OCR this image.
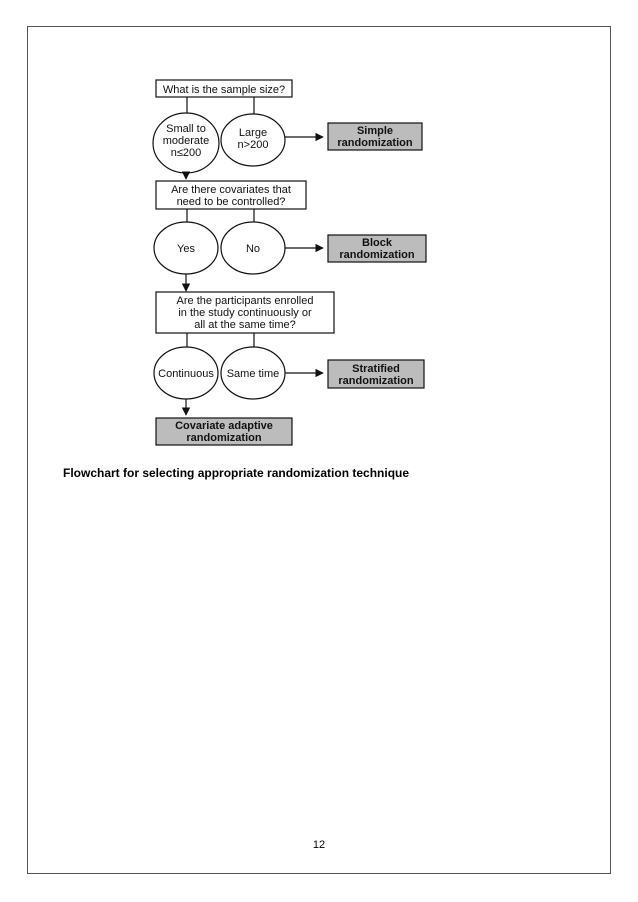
What is the sample size?
Small to
moderate
n≤200
Large
n>200
Simple
randomization
Are there covariates that
need to be controlled?
Yes	No	Block
randomization
Are the participants enrolled
in the study continuously or
all at the same time?
Continuous Same time	Stratified
randomization
Covariate adaptive
randomization
Flowchart for selecting appropriate randomization technique
12
